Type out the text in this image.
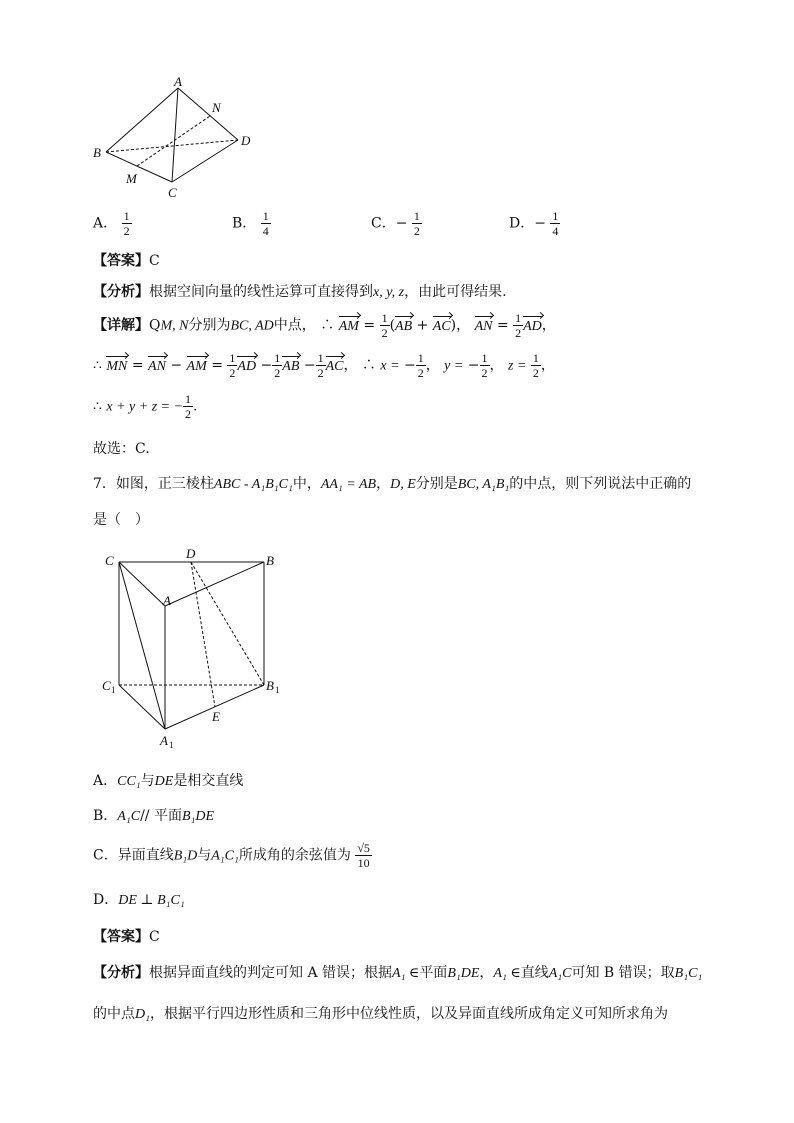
A
N
B
D
M
C
A． $\frac{1}{2}$	B． $\frac{1}{4}$	C．− $\frac{1}{2}$	D．− $\frac{1}{4}$
【答案】C
【分析】根据空间向量的线性运算可直接得到x, y, z，由此可得结果.
【详解】QM, N分别为BC, AD中点， ∴ AM = $\frac{1}{2} (AB + AC)$， AN = $\frac{1}{2}$ AD，
∴ MN = AN − AM = $\frac{1}{2}$ AD − $\frac{1}{2}$ AB − $\frac{1}{2}$ AC， ∴ x = − $\frac{1}{2}$ ， y = − $\frac{1}{2}$ ， $z = \frac{1}{2}$ ，
∴ x + y + z = − $\frac{1}{2}$ .
故选：C.
7．如图，正三棱柱ABC - A₁B₁C₁中，AA₁ = AB，D, E分别是BC, A₁B₁的中点，则下列说法中正确的
是（　）
C	D	B
A
C 1	B 1
E
A 1
A．CC₁与DE是相交直线
B．A₁C// 平面B₁DE
C．异面直线B₁D与A₁C₁所成角的余弦值为 $\frac{√5}{10}$
D．DE ⊥ B₁C₁
【答案】C
【分析】根据异面直线的判定可知 A 错误；根据A₁ ∈平面B₁DE，A₁ ∈直线A₁C可知 B 错误；取B₁C₁
的中点D₁，根据平行四边形性质和三角形中位线性质，以及异面直线所成角定义可知所求角为
